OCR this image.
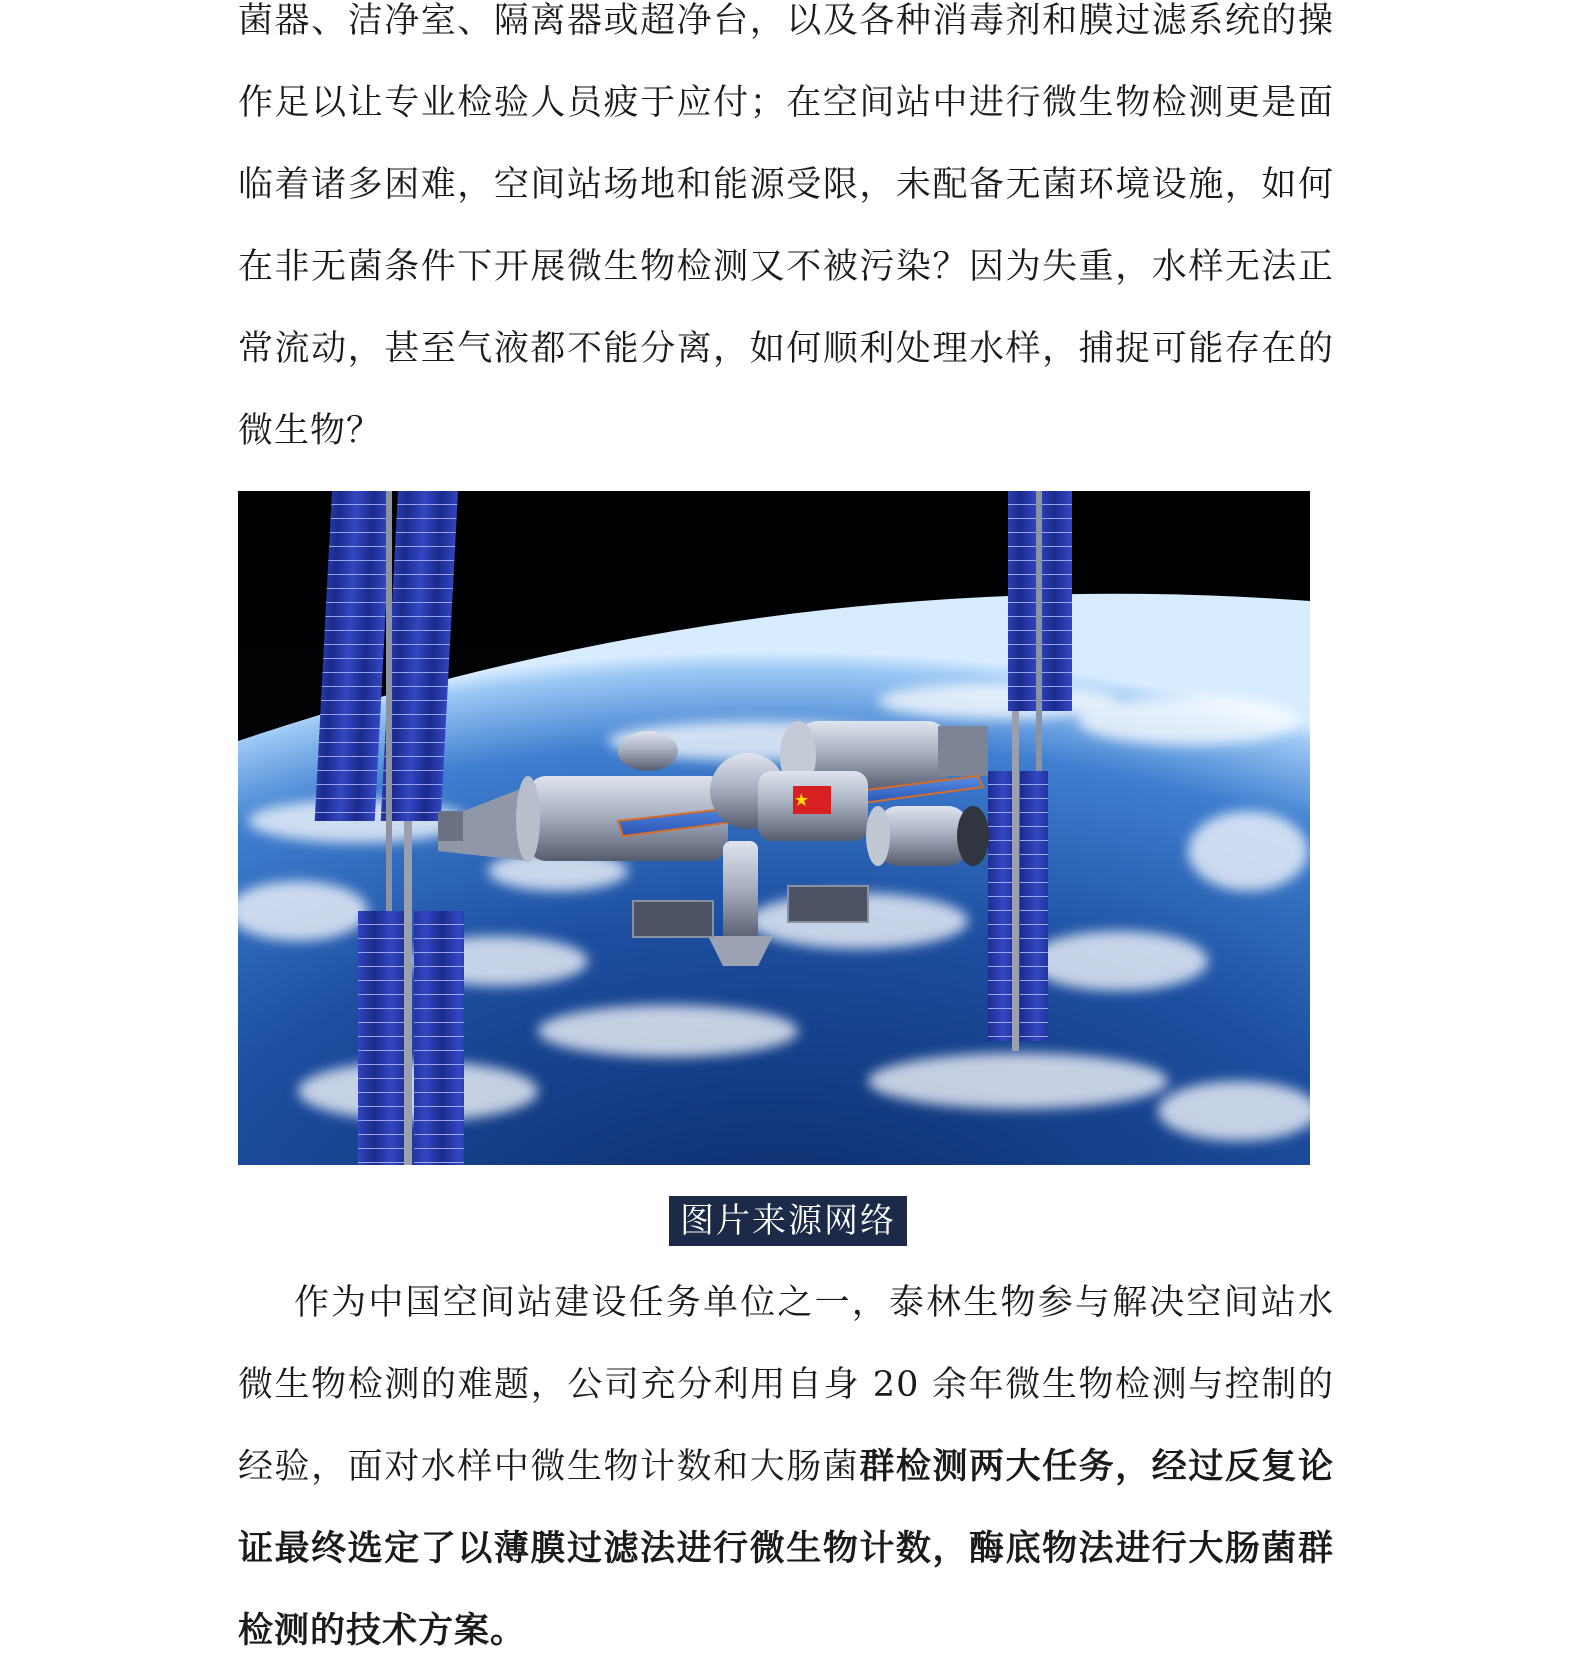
菌器、洁净室、隔离器或超净台，以及各种消毒剂和膜过滤系统的操
作足以让专业检验人员疲于应付；在空间站中进行微生物检测更是面
临着诸多困难，空间站场地和能源受限，未配备无菌环境设施，如何
在非无菌条件下开展微生物检测又不被污染？因为失重，水样无法正
常流动，甚至气液都不能分离，如何顺利处理水样，捕捉可能存在的
微生物？
图片来源网络
作为中国空间站建设任务单位之一，泰林生物参与解决空间站水
微生物检测的难题，公司充分利用自身 20 余年微生物检测与控制的
经验，面对水样中微生物计数和大肠菌群检测两大任务，经过反复论
证最终选定了以薄膜过滤法进行微生物计数，酶底物法进行大肠菌群
检测的技术方案。
